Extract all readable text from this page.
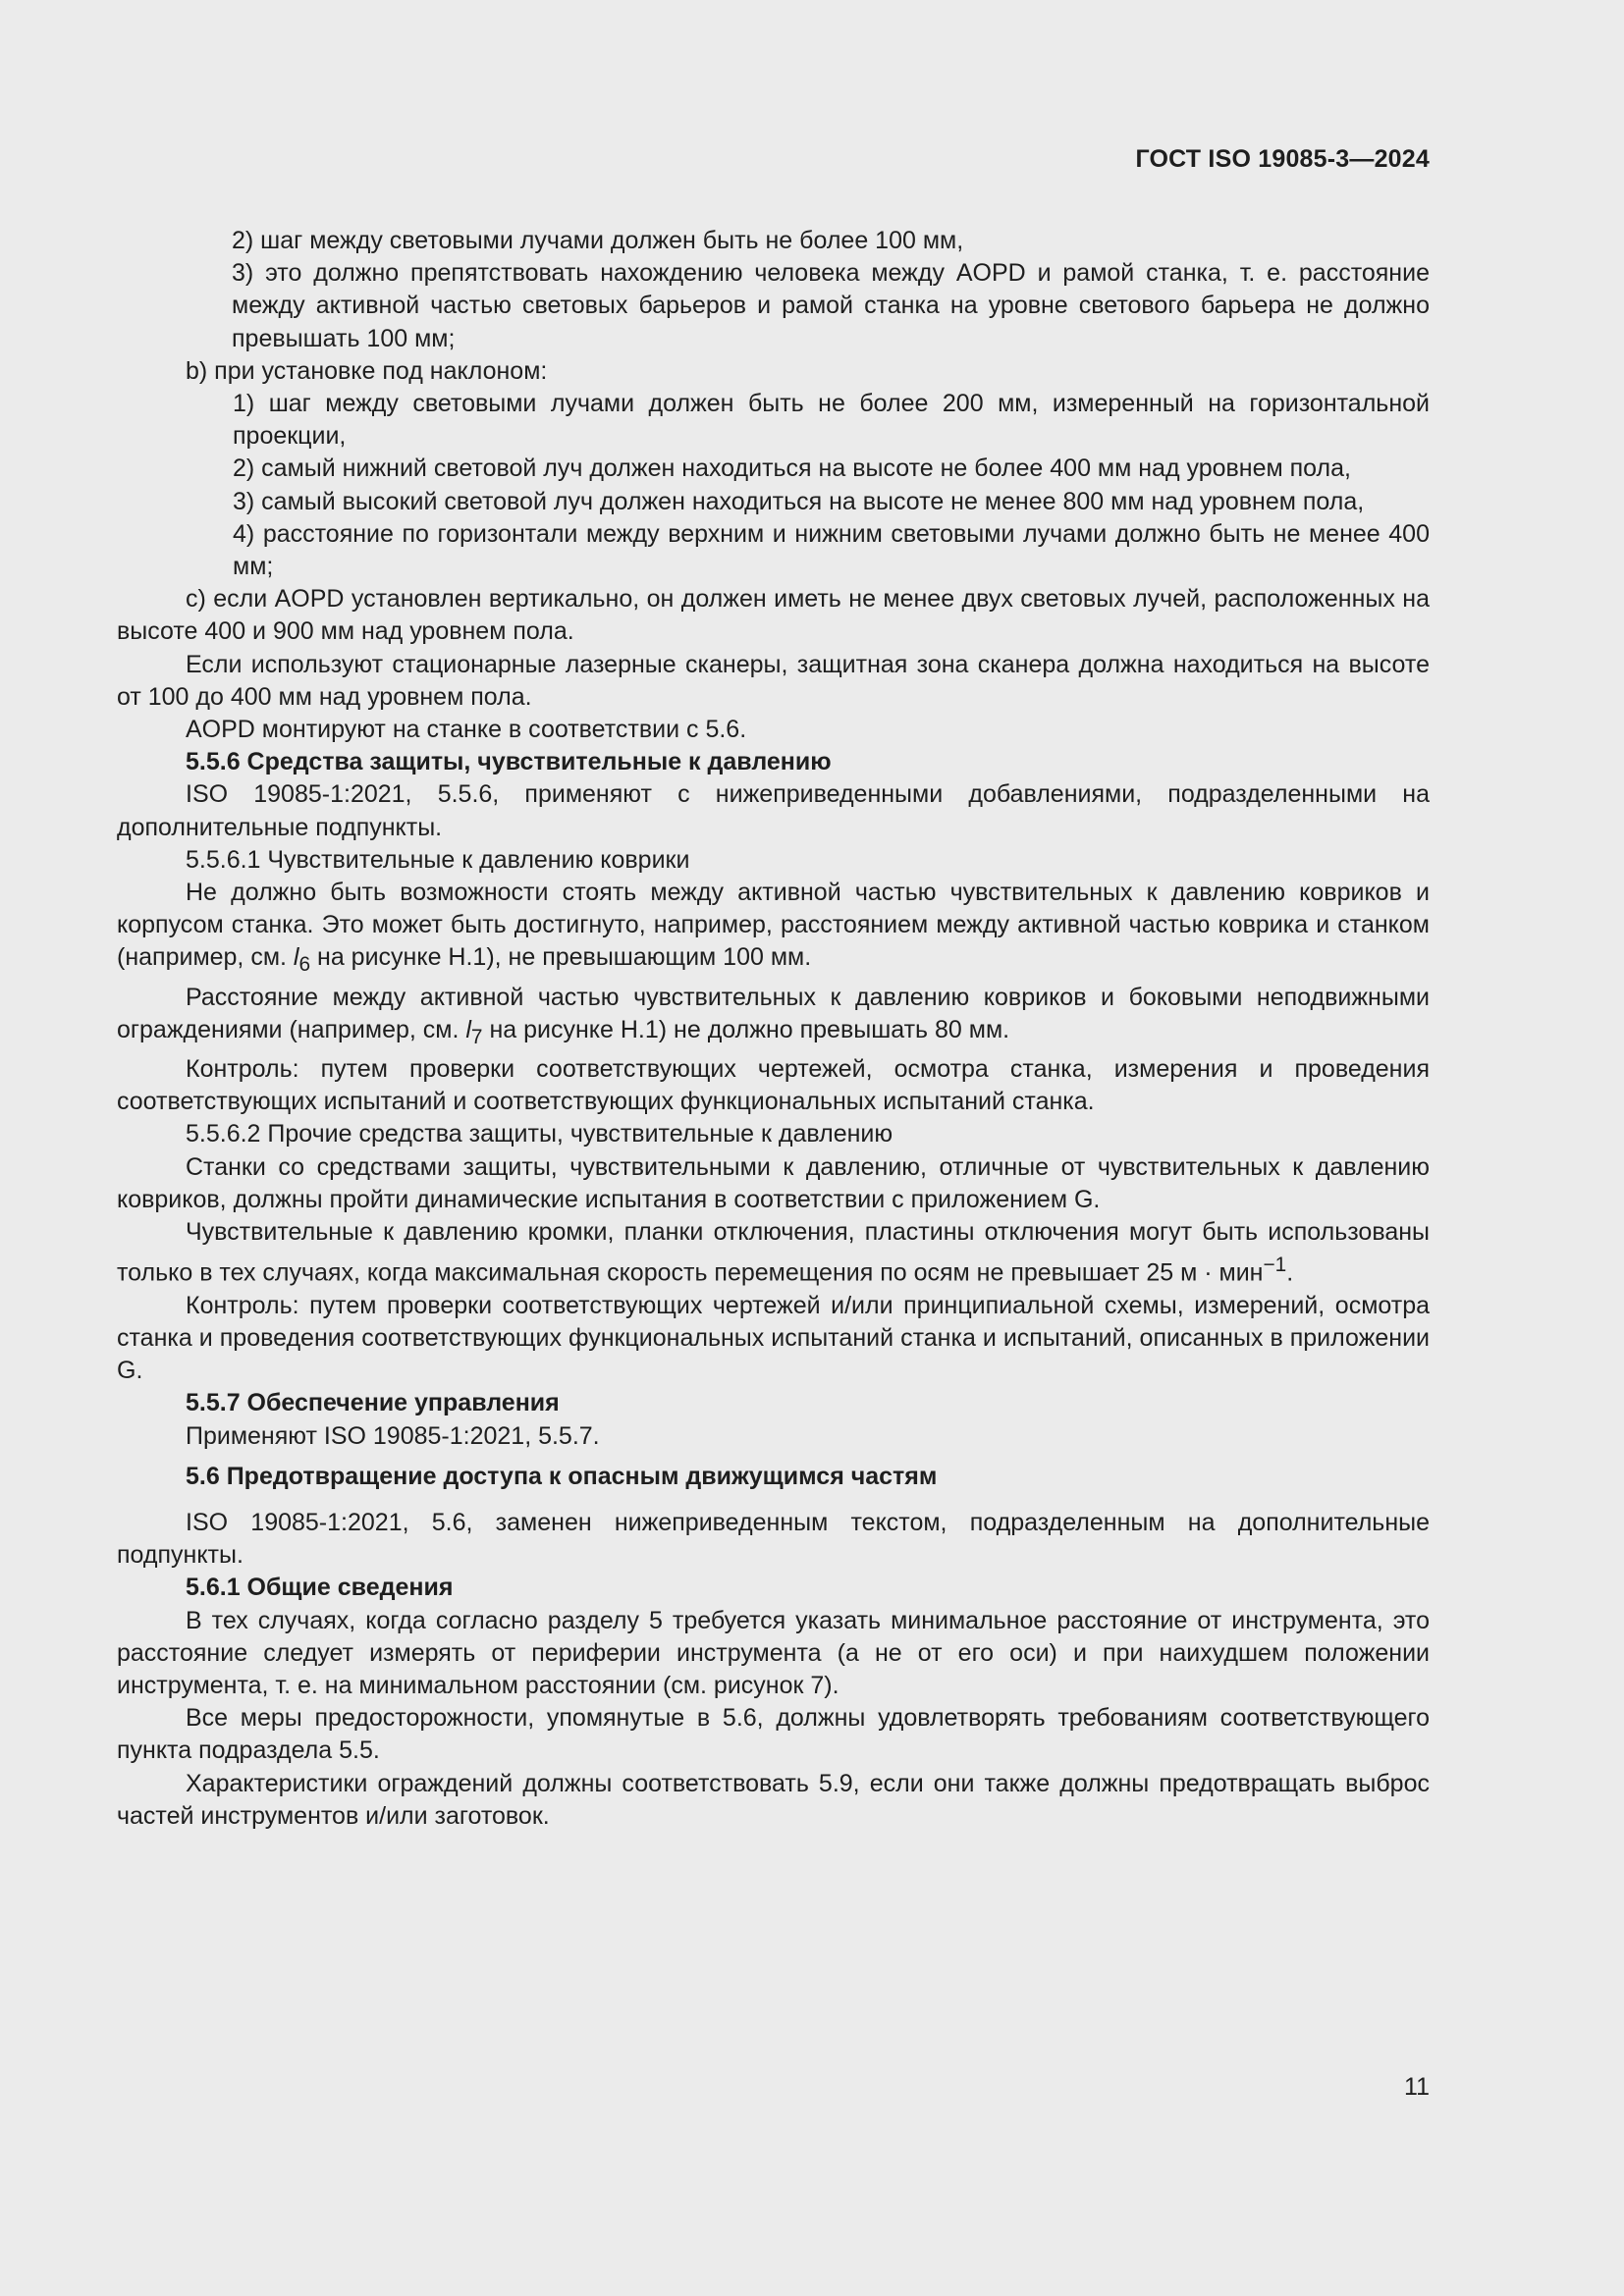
ГОСТ ISO 19085-3—2024

2) шаг между световыми лучами должен быть не более 100 мм,

3) это должно препятствовать нахождению человека между AOPD и рамой станка, т. е. расстояние между активной частью световых барьеров и рамой станка на уровне светового барьера не должно превышать 100 мм;

b) при установке под наклоном:

1) шаг между световыми лучами должен быть не более 200 мм, измеренный на горизонтальной проекции,

2) самый нижний световой луч должен находиться на высоте не более 400 мм над уровнем пола,

3) самый высокий световой луч должен находиться на высоте не менее 800 мм над уровнем пола,

4) расстояние по горизонтали между верхним и нижним световыми лучами должно быть не менее 400 мм;

c) если AOPD установлен вертикально, он должен иметь не менее двух световых лучей, расположенных на высоте 400 и 900 мм над уровнем пола.

Если используют стационарные лазерные сканеры, защитная зона сканера должна находиться на высоте от 100 до 400 мм над уровнем пола.

AOPD монтируют на станке в соответствии с 5.6.

5.5.6 Средства защиты, чувствительные к давлению

ISO 19085-1:2021, 5.5.6, применяют с нижеприведенными добавлениями, подразделенными на дополнительные подпункты.

5.5.6.1 Чувствительные к давлению коврики

Не должно быть возможности стоять между активной частью чувствительных к давлению ковриков и корпусом станка. Это может быть достигнуто, например, расстоянием между активной частью коврика и станком (например, см. $l_6$ на рисунке H.1), не превышающим 100 мм.

Расстояние между активной частью чувствительных к давлению ковриков и боковыми неподвижными ограждениями (например, см. $l_7$ на рисунке H.1) не должно превышать 80 мм.

Контроль: путем проверки соответствующих чертежей, осмотра станка, измерения и проведения соответствующих испытаний и соответствующих функциональных испытаний станка.

5.5.6.2 Прочие средства защиты, чувствительные к давлению

Станки со средствами защиты, чувствительными к давлению, отличные от чувствительных к давлению ковриков, должны пройти динамические испытания в соответствии с приложением G.

Чувствительные к давлению кромки, планки отключения, пластины отключения могут быть использованы только в тех случаях, когда максимальная скорость перемещения по осям не превышает 25 м · мин$^{-1}$.

Контроль: путем проверки соответствующих чертежей и/или принципиальной схемы, измерений, осмотра станка и проведения соответствующих функциональных испытаний станка и испытаний, описанных в приложении G.

5.5.7 Обеспечение управления

Применяют ISO 19085-1:2021, 5.5.7.

5.6 Предотвращение доступа к опасным движущимся частям

ISO 19085-1:2021, 5.6, заменен нижеприведенным текстом, подразделенным на дополнительные подпункты.

5.6.1 Общие сведения

В тех случаях, когда согласно разделу 5 требуется указать минимальное расстояние от инструмента, это расстояние следует измерять от периферии инструмента (а не от его оси) и при наихудшем положении инструмента, т. е. на минимальном расстоянии (см. рисунок 7).

Все меры предосторожности, упомянутые в 5.6, должны удовлетворять требованиям соответствующего пункта подраздела 5.5.

Характеристики ограждений должны соответствовать 5.9, если они также должны предотвращать выброс частей инструментов и/или заготовок.

11
